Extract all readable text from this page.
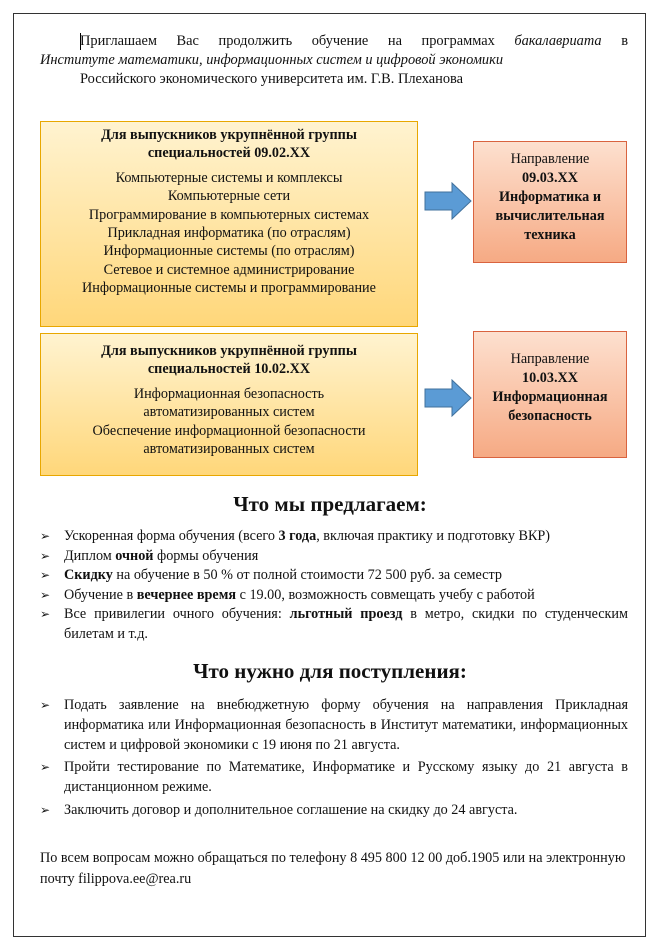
Приглашаем Вас продолжить обучение на программах бакалавриата в
Институте математики, информационных систем и цифровой экономики
Российского экономического университета им. Г.В. Плеханова
Для выпускников укрупнённой группы специальностей 09.02.XX
Компьютерные системы и комплексы
Компьютерные сети
Программирование в компьютерных системах
Прикладная информатика (по отраслям)
Информационные системы (по отраслям)
Сетевое и системное администрирование
Информационные системы и программирование
Направление
09.03.XX
Информатика и вычислительная техника
Для выпускников укрупнённой группы специальностей 10.02.XX
Информационная безопасность автоматизированных систем
Обеспечение информационной безопасности автоматизированных систем
Направление
10.03.XX
Информационная безопасность
Что мы предлагаем:
➢ Ускоренная форма обучения (всего 3 года, включая практику и подготовку ВКР)
➢ Диплом очной формы обучения
➢ Скидку на обучение в 50 % от полной стоимости 72 500 руб. за семестр
➢ Обучение в вечернее время с 19.00, возможность совмещать учебу с работой
➢ Все привилегии очного обучения: льготный проезд в метро, скидки по студенческим билетам и т.д.
Что нужно для поступления:
➢ Подать заявление на внебюджетную форму обучения на направления Прикладная информатика или Информационная безопасность в Институт математики, информационных систем и цифровой экономики с 19 июня по 21 августа.
➢ Пройти тестирование по Математике, Информатике и Русскому языку до 21 августа в дистанционном режиме.
➢ Заключить договор и дополнительное соглашение на скидку до 24 августа.
По всем вопросам можно обращаться по телефону 8 495 800 12 00 доб.1905 или на электронную почту filippova.ee@rea.ru
